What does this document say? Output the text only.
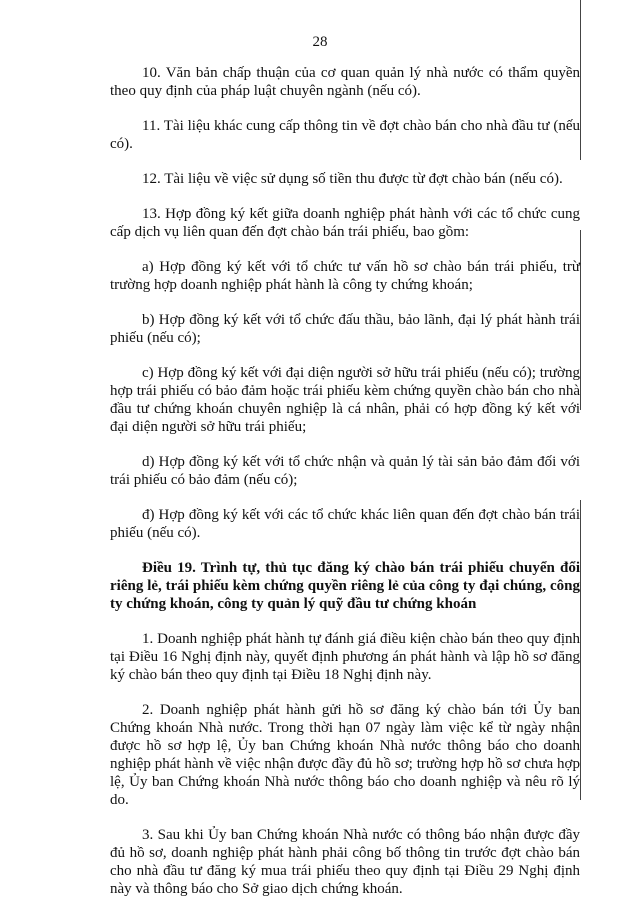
28

10. Văn bản chấp thuận của cơ quan quản lý nhà nước có thẩm quyền theo quy định của pháp luật chuyên ngành (nếu có).

11. Tài liệu khác cung cấp thông tin về đợt chào bán cho nhà đầu tư (nếu có).

12. Tài liệu về việc sử dụng số tiền thu được từ đợt chào bán (nếu có).

13. Hợp đồng ký kết giữa doanh nghiệp phát hành với các tổ chức cung cấp dịch vụ liên quan đến đợt chào bán trái phiếu, bao gồm:

a) Hợp đồng ký kết với tổ chức tư vấn hồ sơ chào bán trái phiếu, trừ trường hợp doanh nghiệp phát hành là công ty chứng khoán;

b) Hợp đồng ký kết với tổ chức đấu thầu, bảo lãnh, đại lý phát hành trái phiếu (nếu có);

c) Hợp đồng ký kết với đại diện người sở hữu trái phiếu (nếu có); trường hợp trái phiếu có bảo đảm hoặc trái phiếu kèm chứng quyền chào bán cho nhà đầu tư chứng khoán chuyên nghiệp là cá nhân, phải có hợp đồng ký kết với đại diện người sở hữu trái phiếu;

d) Hợp đồng ký kết với tổ chức nhận và quản lý tài sản bảo đảm đối với trái phiếu có bảo đảm (nếu có);

đ) Hợp đồng ký kết với các tổ chức khác liên quan đến đợt chào bán trái phiếu (nếu có).

Điều 19. Trình tự, thủ tục đăng ký chào bán trái phiếu chuyển đổi riêng lẻ, trái phiếu kèm chứng quyền riêng lẻ của công ty đại chúng, công ty chứng khoán, công ty quản lý quỹ đầu tư chứng khoán

1. Doanh nghiệp phát hành tự đánh giá điều kiện chào bán theo quy định tại Điều 16 Nghị định này, quyết định phương án phát hành và lập hồ sơ đăng ký chào bán theo quy định tại Điều 18 Nghị định này.

2. Doanh nghiệp phát hành gửi hồ sơ đăng ký chào bán tới Ủy ban Chứng khoán Nhà nước. Trong thời hạn 07 ngày làm việc kể từ ngày nhận được hồ sơ hợp lệ, Ủy ban Chứng khoán Nhà nước thông báo cho doanh nghiệp phát hành về việc nhận được đầy đủ hồ sơ; trường hợp hồ sơ chưa hợp lệ, Ủy ban Chứng khoán Nhà nước thông báo cho doanh nghiệp và nêu rõ lý do.

3. Sau khi Ủy ban Chứng khoán Nhà nước có thông báo nhận được đầy đủ hồ sơ, doanh nghiệp phát hành phải công bố thông tin trước đợt chào bán cho nhà đầu tư đăng ký mua trái phiếu theo quy định tại Điều 29 Nghị định này và thông báo cho Sở giao dịch chứng khoán.
